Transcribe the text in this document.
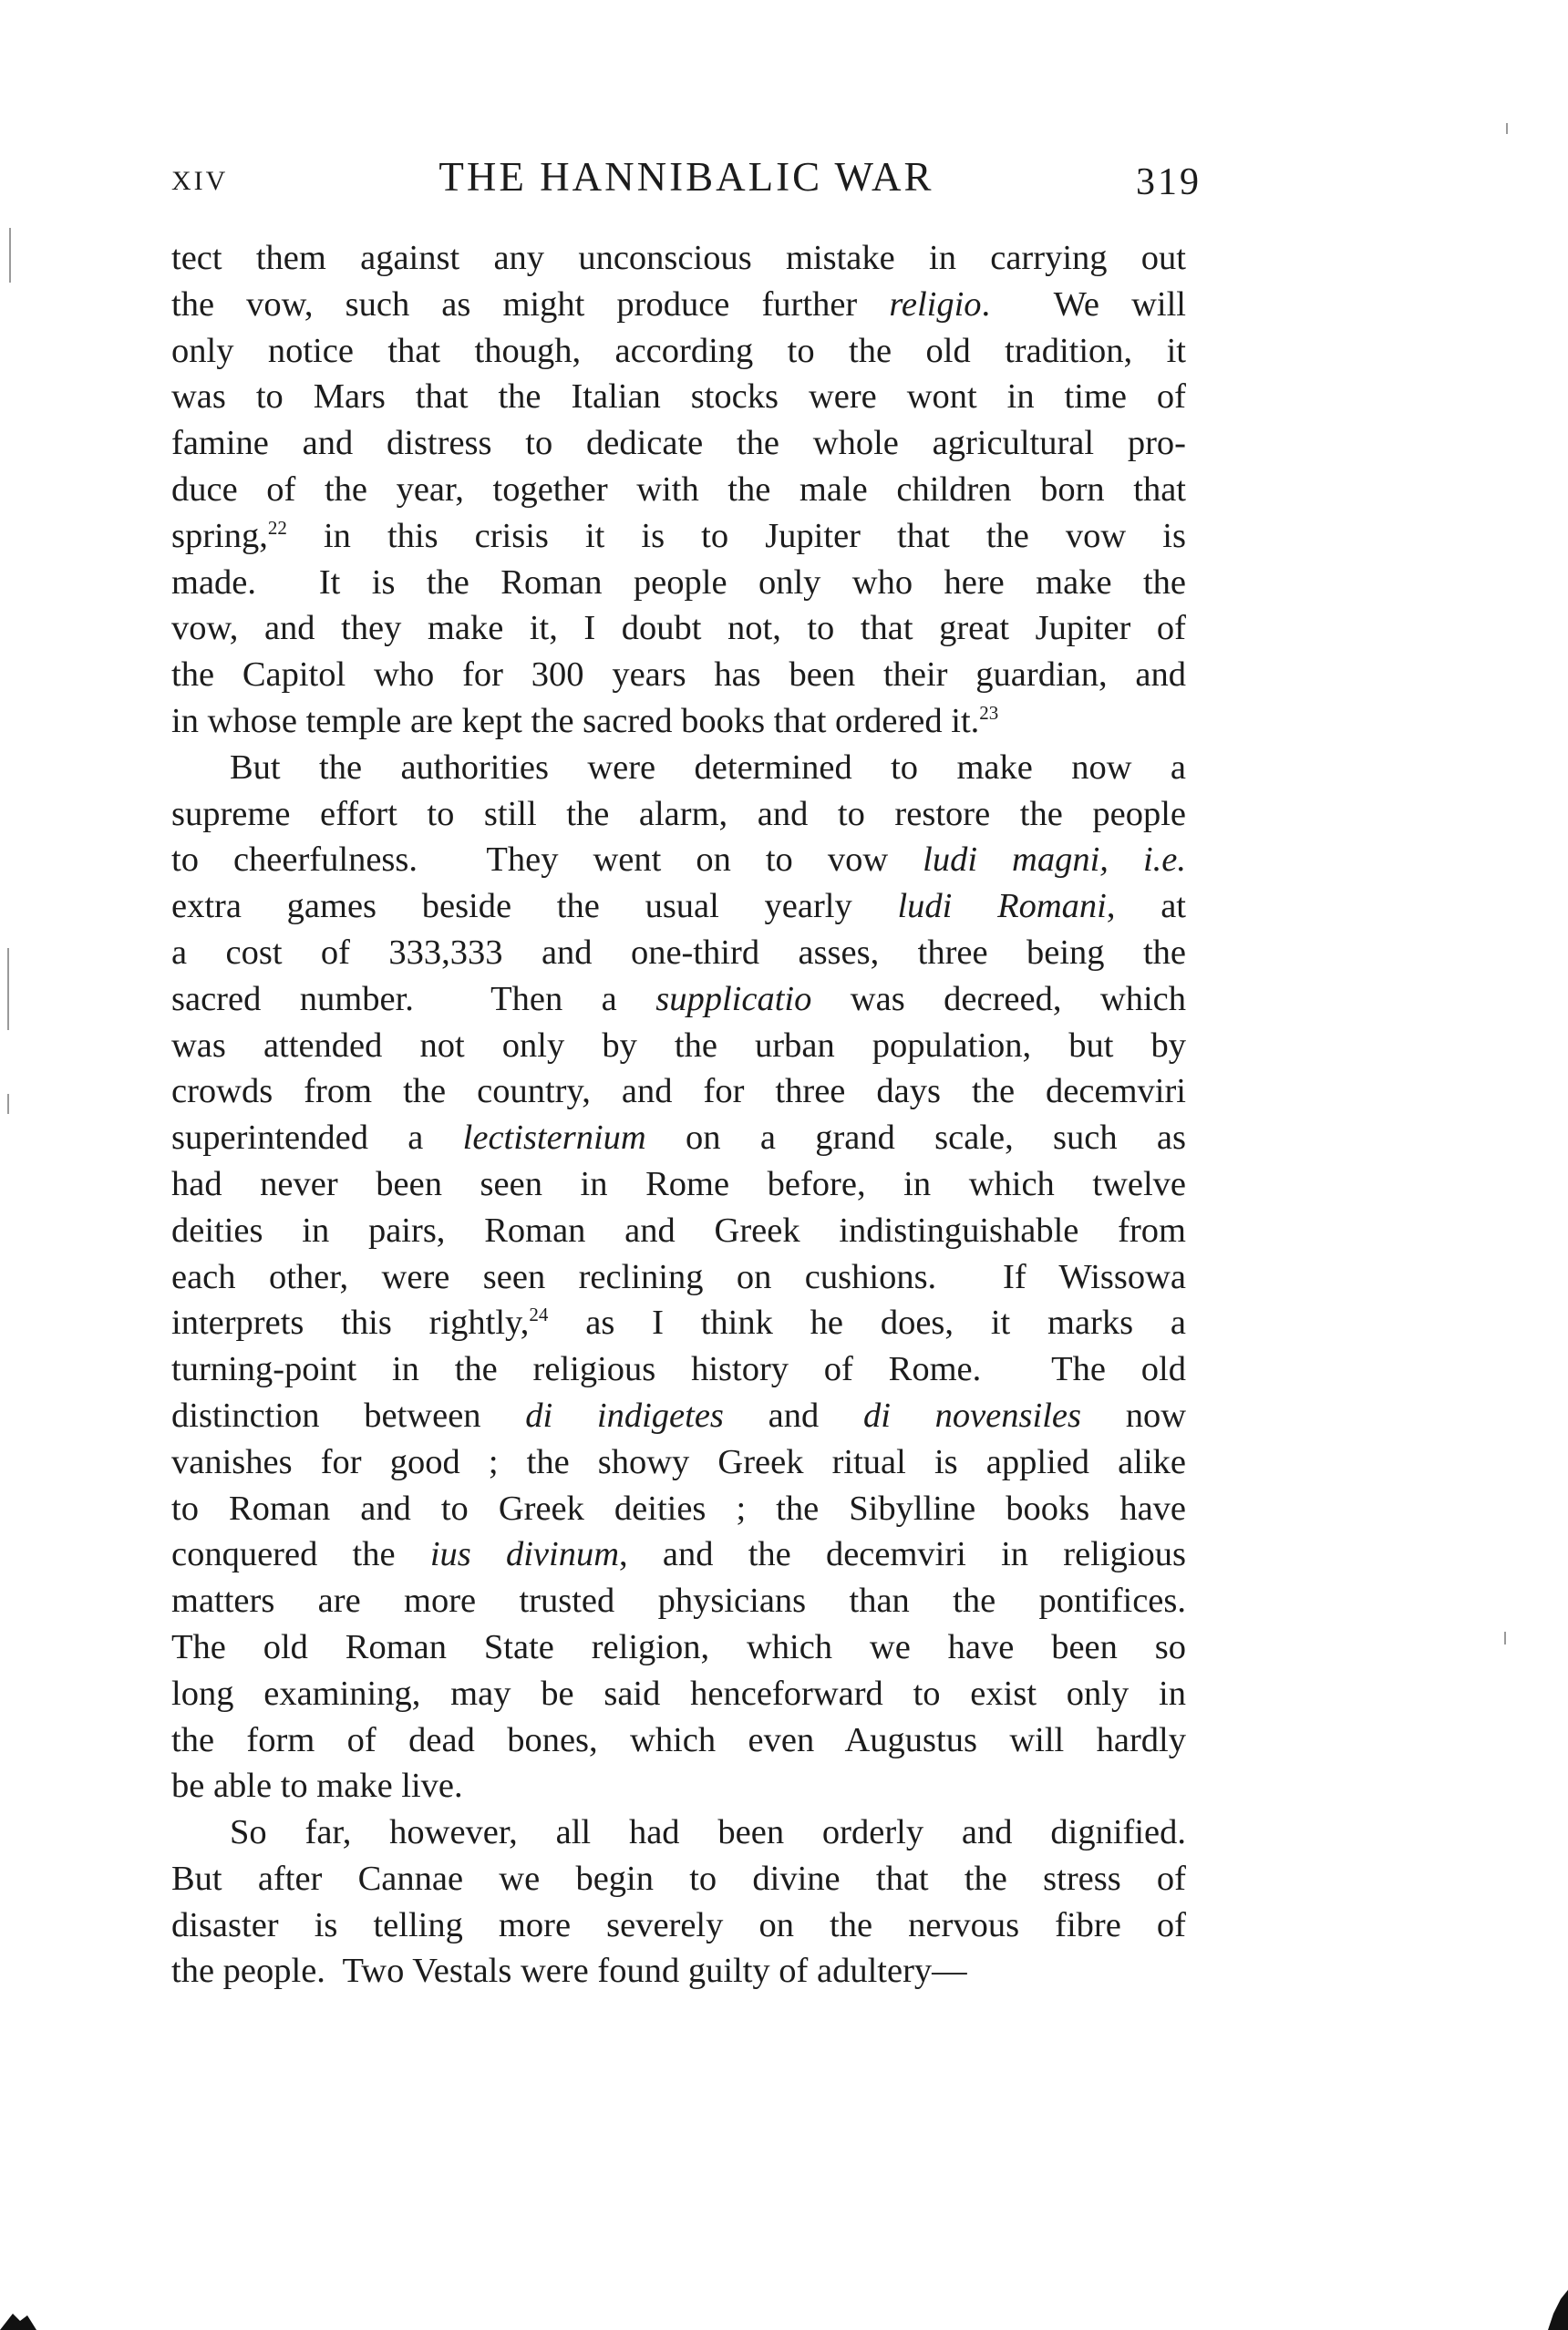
XIV	THE HANNIBALIC WAR	319
tect them against any unconscious mistake in carrying out
the vow, such as might produce further religio.  We will
only notice that though, according to the old tradition, it
was to Mars that the Italian stocks were wont in time of
famine and distress to dedicate the whole agricultural pro-
duce of the year, together with the male children born that
spring,$^{22}$ in this crisis it is to Jupiter that the vow is
made.  It is the Roman people only who here make the
vow, and they make it, I doubt not, to that great Jupiter of
the Capitol who for 300 years has been their guardian, and
in whose temple are kept the sacred books that ordered it.$^{23}$
But the authorities were determined to make now a
supreme effort to still the alarm, and to restore the people
to cheerfulness.  They went on to vow ludi magni, i.e.
extra games beside the usual yearly ludi Romani, at
a cost of 333,333 and one-third asses, three being the
sacred number.  Then a supplicatio was decreed, which
was attended not only by the urban population, but by
crowds from the country, and for three days the decemviri
superintended a lectisternium on a grand scale, such as
had never been seen in Rome before, in which twelve
deities in pairs, Roman and Greek indistinguishable from
each other, were seen reclining on cushions.  If Wissowa
interprets this rightly,$^{24}$ as I think he does, it marks a
turning-point in the religious history of Rome.  The old
distinction between di indigetes and di novensiles now
vanishes for good ; the showy Greek ritual is applied alike
to Roman and to Greek deities ; the Sibylline books have
conquered the ius divinum, and the decemviri in religious
matters are more trusted physicians than the pontifices.
The old Roman State religion, which we have been so
long examining, may be said henceforward to exist only in
the form of dead bones, which even Augustus will hardly
be able to make live.
So far, however, all had been orderly and dignified.
But after Cannae we begin to divine that the stress of
disaster is telling more severely on the nervous fibre of
the people.  Two Vestals were found guilty of adultery—
